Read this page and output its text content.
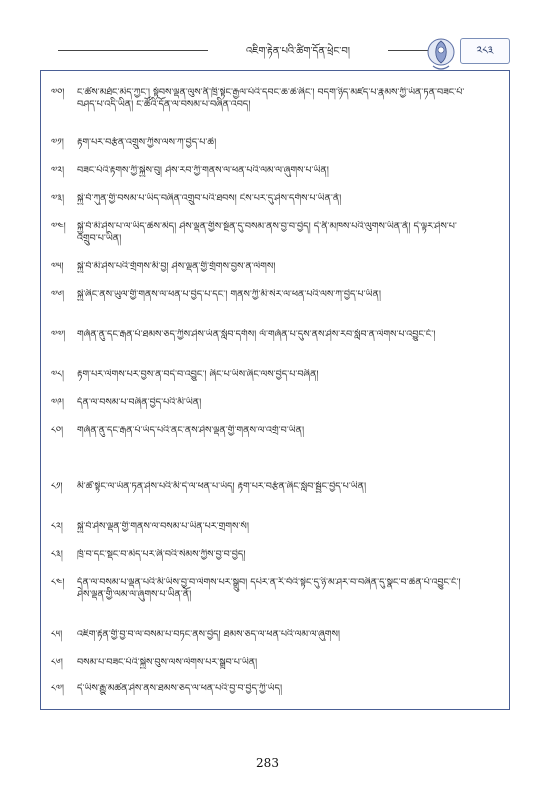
འཇིག་རྟེན་པའི་ཚིག་དོན་ཕྲེང་བ།	༢༨༣
༧༠།	ང་ཚོས་མཐོང་མེད་ཀྱང་། སྟོབས་ལྡན་ལུས་ནི་ཁྲི་སྟེང་རྒྱལ་པོའི་དབང་ཆ་ཆེ་ཞིང་། བདག་ཉིད་མཛད་པ་རྣམས་ཀྱི་ཡོན་ཏན་བཟང་པོ་བཤད་པ་འདི་ཡིན། ང་ཚོའི་དོན་ལ་བསམ་པ་བཞིན་འབད།
༧༡།	རྟག་པར་བརྩོན་འགྲུས་ཀྱིས་ལས་ཀ་བྱེད་པ་ཆེ།
༧༢།	བཟང་པོའི་རྟགས་ཀྱི་སྐྱེས་བུ། ཤེས་རབ་ཀྱི་གནས་ལ་ཕན་པའི་ལམ་ལ་ཞུགས་པ་ཡིན།
༧༣།	སྐྱེ་བོ་ཀུན་གྱི་བསམ་པ་ཡིད་བཞིན་འགྲུབ་པའི་ཐབས། ངེས་པར་དུ་ཤེས་དགོས་པ་ཡིན་ནོ།
༧༤།	སྐྱེ་བོ་མི་ཤེས་པ་ལ་ཡིད་ཆེས་མེད། ཤེས་ལྡན་གྱིས་སྔོན་དུ་བསམ་ནས་བྱ་བ་བྱེད། དེ་ནི་མཁས་པའི་ལུགས་ཡིན་ནོ། དེ་ལྟར་ཤེས་པ་འགྲུབ་པ་ཡིན།
༧༥།	སྐྱེ་བོ་མི་ཤེས་པའི་གྲོགས་མི་བྱ། ཤེས་ལྡན་གྱི་གྲོགས་བྱས་ན་ལེགས།
༧༦།	སྐྱེ་ཞིང་ནས་ཡུལ་གྱི་གནས་ལ་ཕན་པ་བྱེད་པ་དང་། གནས་ཀྱི་མི་སེར་ལ་ཕན་པའི་ལས་ཀ་བྱེད་པ་ཡིན།
༧༧།	གཞོན་ནུ་དང་རྒན་པོ་ཐམས་ཅད་ཀྱིས་ཤེས་ཡོན་སློབ་དགོས། ལོ་གཞོན་པ་དུས་ནས་ཤེས་རབ་སློབ་ན་ལེགས་པ་འབྱུང་ངོ་།
༧༨།	རྟག་པར་ལེགས་པར་བྱས་ན་བདེ་བ་འབྱུང་། ཞིང་པ་ཡིས་ཞིང་ལས་བྱེད་པ་བཞིན།
༧༩།	དོན་ལ་བསམ་པ་བཞིན་བྱེད་པའི་མི་ཡིན།
༨༠།	གཞོན་ནུ་དང་རྒན་པོ་ཡོད་པའི་ནང་ནས་ཤེས་ལྡན་གྱི་གནས་ལ་འགྲོ་བ་ཡིན།
༨༡།	མི་ཚེ་སྟེང་ལ་ཡོན་ཏན་ཤེས་པའི་མི་དེ་ལ་ཕན་པ་ཡོད། རྟག་པར་བརྩོན་ཞིང་སློབ་སྦྱོང་བྱེད་པ་ཡིན།
༨༢།	སྐྱེ་བོ་ཤེས་ལྡན་གྱི་གནས་ལ་བསམ་པ་ཡིན་པར་གྲགས་སོ།
༨༣།	ཁྲོ་བ་དང་སྡང་བ་མེད་པར་ཞི་བའི་སེམས་ཀྱིས་བྱ་བ་བྱེད།
༨༤།	དོན་ལ་བསམ་པ་ལྡན་པའི་མི་ཡིས་བྱ་བ་ལེགས་པར་སྒྲུབ། དཔེར་ན་རི་བོའི་སྟེང་དུ་ཉི་མ་ཤར་བ་བཞིན་དུ་སྣང་བ་ཆེན་པོ་འབྱུང་ངོ་། ཤེས་ལྡན་གྱི་ལམ་ལ་ཞུགས་པ་ཡིན་ནོ།
༨༥།	འཇིག་རྟེན་གྱི་བྱ་བ་ལ་བསམ་པ་བཏང་ནས་བྱེད། ཐམས་ཅད་ལ་ཕན་པའི་ལམ་ལ་ཞུགས།
༨༦།	བསམ་པ་བཟང་པོའི་སྐྱེས་བུས་ལས་ལེགས་པར་སྒྲུབ་པ་ཡིན།
༨༧།	དེ་ཡིས་རྒྱུ་མཚན་ཤེས་ནས་ཐམས་ཅད་ལ་ཕན་པའི་བྱ་བ་བྱེད་ཀྱི་ཡོད།
283
